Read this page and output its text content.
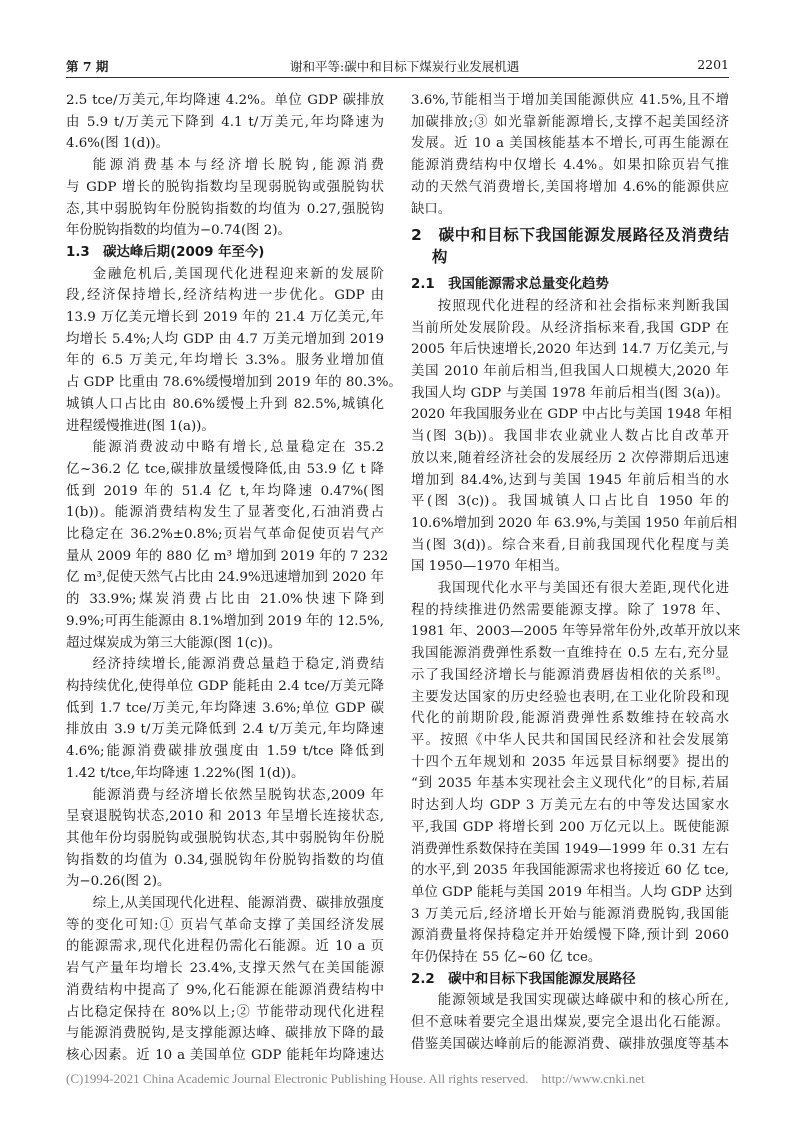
第 7 期	谢和平等:碳中和目标下煤炭行业发展机遇	2201
2.5 tce/万美元,年均降速 4.2%。单位 GDP 碳排放
由 5.9 t/万美元下降到 4.1 t/万美元,年均降速为
4.6%(图 1(d))。
能源消费基本与经济增长脱钩,能源消费
与 GDP 增长的脱钩指数均呈现弱脱钩或强脱钩状
态,其中弱脱钩年份脱钩指数的均值为 0.27,强脱钩
年份脱钩指数的均值为−0.74(图 2)。
1.3　碳达峰后期(2009 年至今)
金融危机后,美国现代化进程迎来新的发展阶
段,经济保持增长,经济结构进一步优化。GDP 由
13.9 万亿美元增长到 2019 年的 21.4 万亿美元,年
均增长 5.4%;人均 GDP 由 4.7 万美元增加到 2019
年的 6.5 万美元,年均增长 3.3%。服务业增加值
占 GDP 比重由 78.6%缓慢增加到 2019 年的 80.3%。
城镇人口占比由 80.6%缓慢上升到 82.5%,城镇化
进程缓慢推进(图 1(a))。
能源消费波动中略有增长,总量稳定在 35.2
亿~36.2 亿 tce,碳排放量缓慢降低,由 53.9 亿 t 降
低到 2019 年的 51.4 亿 t,年均降速 0.47%(图
1(b))。能源消费结构发生了显著变化,石油消费占
比稳定在 36.2%±0.8%;页岩气革命促使页岩气产
量从 2009 年的 880 亿 m³ 增加到 2019 年的 7 232
亿 m³,促使天然气占比由 24.9%迅速增加到 2020 年
的 33.9%;煤炭消费占比由 21.0%快速下降到
9.9%;可再生能源由 8.1%增加到 2019 年的 12.5%,
超过煤炭成为第三大能源(图 1(c))。
经济持续增长,能源消费总量趋于稳定,消费结
构持续优化,使得单位 GDP 能耗由 2.4 tce/万美元降
低到 1.7 tce/万美元,年均降速 3.6%;单位 GDP 碳
排放由 3.9 t/万美元降低到 2.4 t/万美元,年均降速
4.6%;能源消费碳排放强度由 1.59 t/tce 降低到
1.42 t/tce,年均降速 1.22%(图 1(d))。
能源消费与经济增长依然呈脱钩状态,2009 年
呈衰退脱钩状态,2010 和 2013 年呈增长连接状态,
其他年份均弱脱钩或强脱钩状态,其中弱脱钩年份脱
钩指数的均值为 0.34,强脱钩年份脱钩指数的均值
为−0.26(图 2)。
综上,从美国现代化进程、能源消费、碳排放强度
等的变化可知:① 页岩气革命支撑了美国经济发展
的能源需求,现代化进程仍需化石能源。近 10 a 页
岩气产量年均增长 23.4%,支撑天然气在美国能源
消费结构中提高了 9%,化石能源在能源消费结构中
占比稳定保持在 80%以上;② 节能带动现代化进程
与能源消费脱钩,是支撑能源达峰、碳排放下降的最
核心因素。近 10 a 美国单位 GDP 能耗年均降速达
3.6%,节能相当于增加美国能源供应 41.5%,且不增
加碳排放;③ 如光靠新能源增长,支撑不起美国经济
发展。近 10 a 美国核能基本不增长,可再生能源在
能源消费结构中仅增长 4.4%。如果扣除页岩气推
动的天然气消费增长,美国将增加 4.6%的能源供应
缺口。
2　碳中和目标下我国能源发展路径及消费结
　 构
2.1　我国能源需求总量变化趋势
按照现代化进程的经济和社会指标来判断我国
当前所处发展阶段。从经济指标来看,我国 GDP 在
2005 年后快速增长,2020 年达到 14.7 万亿美元,与
美国 2010 年前后相当,但我国人口规模大,2020 年
我国人均 GDP 与美国 1978 年前后相当(图 3(a))。
2020 年我国服务业在 GDP 中占比与美国 1948 年相
当(图 3(b))。我国非农业就业人数占比自改革开
放以来,随着经济社会的发展经历 2 次停滞期后迅速
增加到 84.4%,达到与美国 1945 年前后相当的水
平(图 3(c))。我国城镇人口占比自 1950 年的
10.6%增加到 2020 年 63.9%,与美国 1950 年前后相
当(图 3(d))。综合来看,目前我国现代化程度与美
国 1950—1970 年相当。
我国现代化水平与美国还有很大差距,现代化进
程的持续推进仍然需要能源支撑。除了 1978 年、
1981 年、2003—2005 年等异常年份外,改革开放以来
我国能源消费弹性系数一直维持在 0.5 左右,充分显
示了我国经济增长与能源消费唇齿相依的关系[8]。
主要发达国家的历史经验也表明,在工业化阶段和现
代化的前期阶段,能源消费弹性系数维持在较高水
平。按照《中华人民共和国国民经济和社会发展第
十四个五年规划和 2035 年远景目标纲要》提出的
“到 2035 年基本实现社会主义现代化”的目标,若届
时达到人均 GDP 3 万美元左右的中等发达国家水
平,我国 GDP 将增长到 200 万亿元以上。既使能源
消费弹性系数保持在美国 1949—1999 年 0.31 左右
的水平,到 2035 年我国能源需求也将接近 60 亿 tce,
单位 GDP 能耗与美国 2019 年相当。人均 GDP 达到
3 万美元后,经济增长开始与能源消费脱钩,我国能
源消费量将保持稳定并开始缓慢下降,预计到 2060
年仍保持在 55 亿~60 亿 tce。
2.2　碳中和目标下我国能源发展路径
能源领域是我国实现碳达峰碳中和的核心所在,
但不意味着要完全退出煤炭,要完全退出化石能源。
借鉴美国碳达峰前后的能源消费、碳排放强度等基本
(C)1994-2021 China Academic Journal Electronic Publishing House. All rights reserved. http://www.cnki.net
